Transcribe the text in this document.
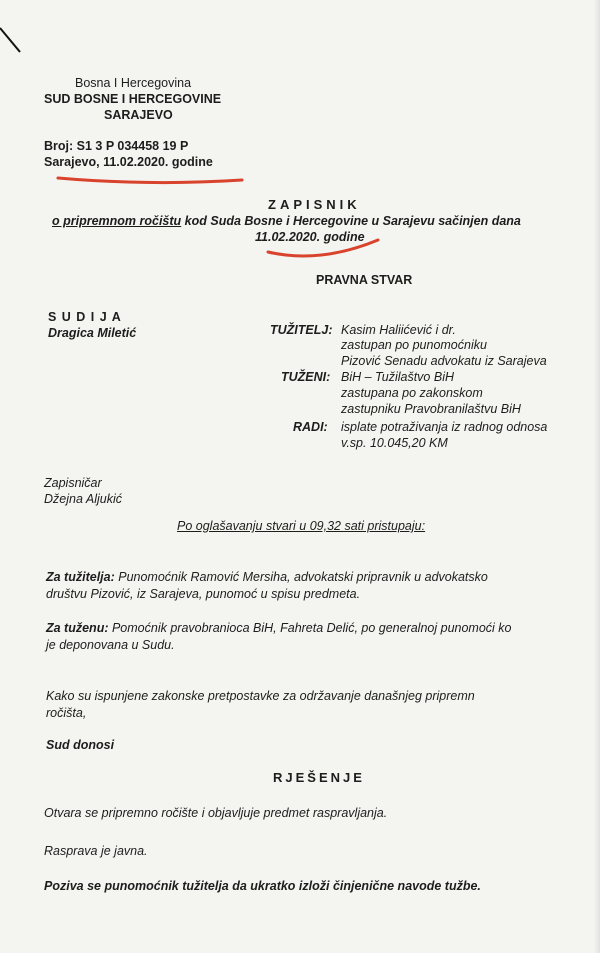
Bosna I Hercegovina
SUD BOSNE I HERCEGOVINE
SARAJEVO
Broj: S1 3 P 034458 19 P
Sarajevo, 11.02.2020. godine
ZAPISNIK
o pripremnom ročištu kod Suda Bosne i Hercegovine u Sarajevu sačinjen dana
11.02.2020. godine
PRAVNA STVAR
S U D I J A
Dragica Miletić	TUŽITELJ: Kasim Haliićević i dr.
zastupan po punomoćniku
Pizović Senadu advokatu iz Sarajeva
TUŽENI: BiH – Tužilaštvo BiH
zastupana po zakonskom
zastupniku Pravobranilaštvu BiH
RADI: isplate potraživanja iz radnog odnosa
v.sp. 10.045,20 KM
Zapisničar
Džejna Aljukić
Po oglašavanju stvari u 09,32 sati pristupaju:
Za tužitelja: Punomoćnik Ramović Mersiha, advokatski pripravnik u advokatsko
društvu Pizović, iz Sarajeva, punomoć u spisu predmeta.
Za tuženu: Pomoćnik pravobranioca BiH, Fahreta Delić, po generalnoj punomoći ko
je deponovana u Sudu.
Kako su ispunjene zakonske pretpostavke za održavanje današnjeg pripremn
ročišta,
Sud donosi
RJEŠENJE
Otvara se pripremno ročište i objavljuje predmet raspravljanja.
Rasprava je javna.
Poziva se punomoćnik tužitelja da ukratko izloži činjenične navode tužbe.
